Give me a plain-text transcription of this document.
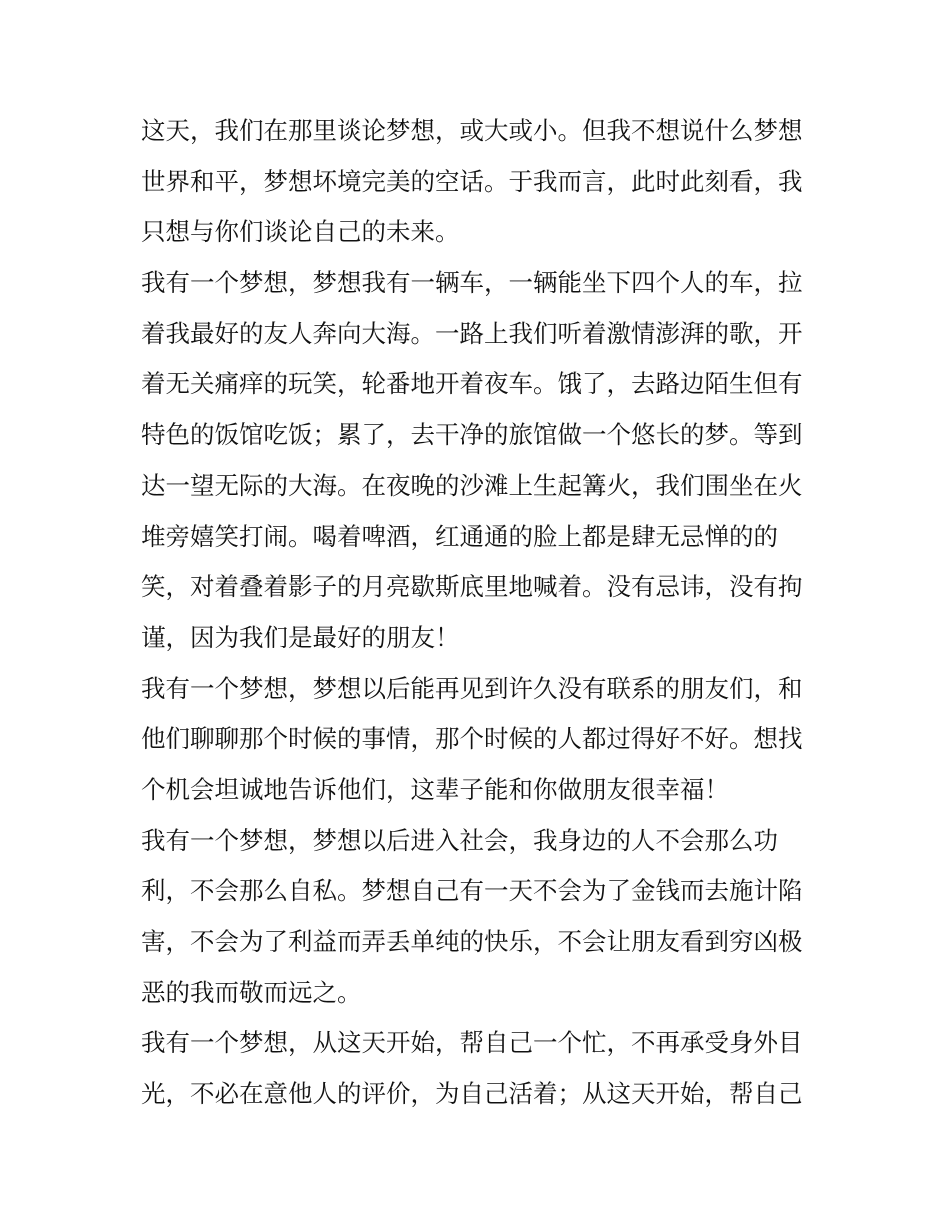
这天，我们在那里谈论梦想，或大或小。但我不想说什么梦想
世界和平，梦想坏境完美的空话。于我而言，此时此刻看，我
只想与你们谈论自己的未来。
我有一个梦想，梦想我有一辆车，一辆能坐下四个人的车，拉
着我最好的友人奔向大海。一路上我们听着激情澎湃的歌，开
着无关痛痒的玩笑，轮番地开着夜车。饿了，去路边陌生但有
特色的饭馆吃饭；累了，去干净的旅馆做一个悠长的梦。等到
达一望无际的大海。在夜晚的沙滩上生起篝火，我们围坐在火
堆旁嬉笑打闹。喝着啤酒，红通通的脸上都是肆无忌惮的的
笑，对着叠着影子的月亮歇斯底里地喊着。没有忌讳，没有拘
谨，因为我们是最好的朋友！
我有一个梦想，梦想以后能再见到许久没有联系的朋友们，和
他们聊聊那个时候的事情，那个时候的人都过得好不好。想找
个机会坦诚地告诉他们，这辈子能和你做朋友很幸福！
我有一个梦想，梦想以后进入社会，我身边的人不会那么功
利，不会那么自私。梦想自己有一天不会为了金钱而去施计陷
害，不会为了利益而弄丢单纯的快乐，不会让朋友看到穷凶极
恶的我而敬而远之。
我有一个梦想，从这天开始，帮自己一个忙，不再承受身外目
光，不必在意他人的评价，为自己活着；从这天开始，帮自己
